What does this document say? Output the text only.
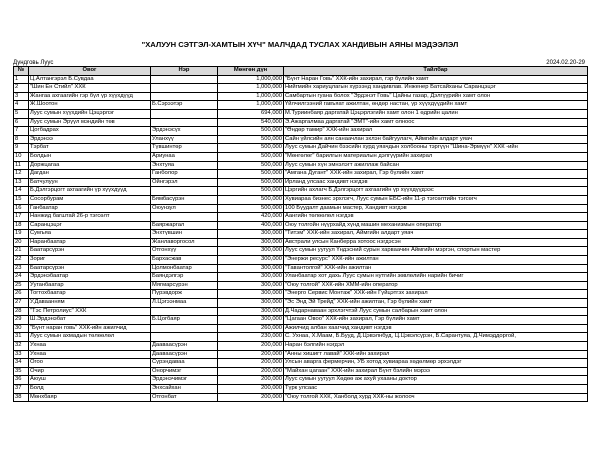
"ХАЛУУН СЭТГЭЛ-ХАМТЫН ХҮЧ" МАЛЧДАД ТУСЛАХ ХАНДИВЫН АЯНЫ МЭДЭЭЛЭЛ
Дундговь Луус	2024.02.20-29
№	Овог	Нэр	Мөнгөн дүн	Тайлбар
1	Ц.Алтангэрэл Б.Сувдаа		1,000,000	"Бүнт Наран Говь" ХХК-ийн захирал, гэр бүлийн хамт
2	"Шин Ен Стийл" ХХК		1,000,000	Нийгмийн хариуцлагын хүрээнд хандивлав. Инженер Батсайханы Саранцэцэг
3	Жангаа ахгаагийн гэр бүл үр хүүхдүүд		1,000,000	Самбартын гуана болох "Эрдэнэт Говь" Цайны газар, Дэлгүүрийн хамт олон
4	Ж.Шоотон	Б.Сэрээтэр	1,000,000	Үйлчилгээний гавъяат ажилтан, өндөр настан, үр хүүхдүүдийн хамт
5	Луус сумын хүүхдийн Цэцэрлэг		694,000	М.Туриинбаяр даргатай Цэцэрлэгийн хамт олон 1 өдрийн цалин
6	Луус сумын Эрүүл мэндийн төв		540,000	Э.Ажаргалмаа даргатай "ЭМТ"-ийн хамт олноос
7	Цогбадрах	Эрдэнэсүх	500,000	"Өндөр тамир" ХХК-ийн захирал
8	Эрдэнээ	Уланхүү	500,000	Сайн үйлсийн аян санаачлан эхлэн байгуулагч, Аймгийн алдарт уяач
9	Тэрбат	Түвшинтөр	500,000	Луус сумын Дайчин бээсийн хурд уяачдын холбооны тэргүүн "Шина-Эрмүүн" ХХК -ийн
10	Болдын	Ариунаа	500,000	"Мөнгөлөг" барилгын материалын дэлгүүрийн захирал
11	Доржцагаа	Энхтуяа	500,000	Луус сумын хүн эмнэлэгт ажиллаж байсан
12	Дагдан	Ганболор	500,000	"Амгана Дугант" ХХК-ийн захирал, Гэр бүлийн хамт
13	Батчулуун	Ойнгэрэл	500,000	Ирланд улсаас хандивт нэгдэв
14	Б.Дэлгэрцогт ахгаагийн үр хүүхдүүд		500,000	Цэргийн ахлагч Б.Дэлгэрцогт ахгаагийн үр хүүхдүүдээс
15	Сосорбурам	Бямбасүрэн	500,000	Хувиараа бизнес эрхлэгч, Луус сумын ЕБС-ийн 11-р тэгсөлтийн тэгсөгч
16	Ганбаатар	Оюунзул	500,000	100 Бүудалт даамын мастер, Хандивт нэгдэв
17	Нанжид багштай 26-р тэгсөлт		420,000	Аангийн төлөөлөл нэгдэв
18	Саранцэцэг	Баяржаргал	400,000	Оюу толгойн нүүрхайд хүнд машин механизмын оператор
19	Сумъяа	Энхтүвшин	300,000	"Титэм" ХХК-ийн захирал, Аймгийн алдарт уяач
20	Наранбаатар	Жанлаворгосол	300,000	Австрали улсын Канберра хотоос нэгдэсэн
21	Баатарсүрэн	Отгонхүү	300,000	Луус сумын уугуул Үндэсний сурын харваачин Аймгийн мэргэн, спортын мастер
22	Зориг	Бархасжав	300,000	"Энержи ресурс" ХХК-ийн ажилтан
23	Баатарсүрэн	Цолмонбаатар	300,000	"Тавантолгой" ХХК-ийн ажилтан
24	Эрдэнэбаатар	Баяндэлгэр	300,000	Уланбаатар хот дахь Луус сумын нутгийн зөвлөлийн нарийн бичиг
25	Ууганбаатар	Мягмарсүрэн	300,000	"Оюу толгой" ХХК-ийн ХММ-ийн оператор
26	Тогтохбаатар	Пүрэвдорж	300,000	"Энерго Сервис Монтаж" ХХК-ийн Гүйцэтгэх захирал
27	У.Даваанням	Л.Цэгээнмаа	300,000	"Эс Энд Эй Трейд" ХХК-ийн ажилтан, Гэр бүлийн хамт
28	"Тэс Петролиус" ХХК		300,000	Д.Чадарнаваан эрхлэгчтэй Луус сумын салбарын хамт олон
29	Ш.Эрдэнэбат	Б.Цогбаяр	300,000	"Цагаан Овоо" ХХК-ийн захирал, Гэр бүлийн хамт
30	"Бүнт наран говь" ХХК-ийн ажилчид		260,000	Ажилчид албан хаагчид хандивт нэгдэв
31	Луус сумын ахмадын төлөөлөл		230,000	С. Ухнаа, Х.Маам, Б.Бууд, Д.Цэвэлнбуд, Ц.Цэвэлсүрэн, Б.Сарантуяа, Д.Чимэддоргой,
32	Ухнаа	Дааваасүрэн	200,000	Наран бэлгийн нэгдэл
33	Ухнаа	Дааваасүрэн	200,000	"Анны хишигт лавай" ХХК-ийн захирал
34	Огоо	Сүрэндаваа	200,000	Улсын аварга фермерчин, УБ хотод хувиараа хөдөлмөр эрхэлдэг
35	Очир	Онорчимэг	200,000	"Майхан цагаан" ХХК-ийн захирал Бүнт бэлийн мэрээ
36	Аюуш	Эрдэнэчимэг	200,000	Луус сумын уугуул Хөдөө аж ахуй ухааны доктор
37	Болд	Энхсайхан	200,000	Түрк улсаас
38	Мөнхбаяр	Отгонбат	200,000	"Оюу толгой ХХК, Ханболд хурд ХХК-ны жолооч
